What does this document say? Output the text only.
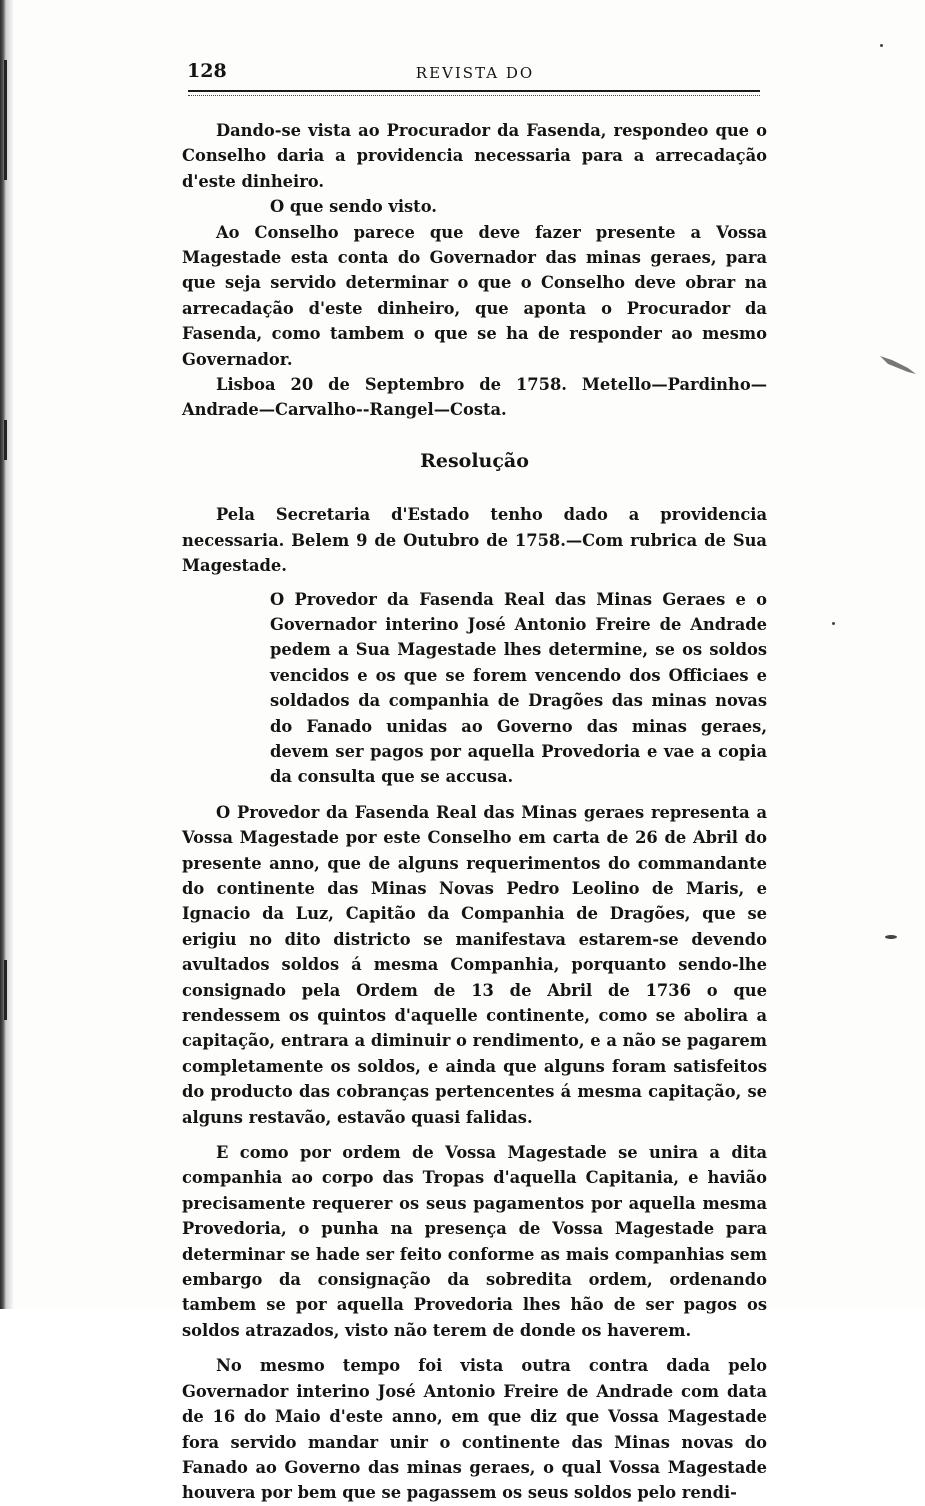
128	REVISTA DO

Dando-se vista ao Procurador da Fasenda, respondeo que o Conselho daria a providencia necessaria para a arrecadação d'este dinheiro.

O que sendo visto.

Ao Conselho parece que deve fazer presente a Vossa Magestade esta conta do Governador das minas geraes, para que seja servido determinar o que o Conselho deve obrar na arrecadação d'este dinheiro, que aponta o Procurador da Fasenda, como tambem o que se ha de responder ao mesmo Governador.

Lisboa 20 de Septembro de 1758. Metello—Pardinho—Andrade—Carvalho--Rangel—Costa.

Resolução

Pela Secretaria d'Estado tenho dado a providencia necessaria. Belem 9 de Outubro de 1758.—Com rubrica de Sua Magestade.

O Provedor da Fasenda Real das Minas Geraes e o Governador interino José Antonio Freire de Andrade pedem a Sua Magestade lhes determine, se os soldos vencidos e os que se forem vencendo dos Officiaes e soldados da companhia de Dragões das minas novas do Fanado unidas ao Governo das minas geraes, devem ser pagos por aquella Provedoria e vae a copia da consulta que se accusa.

O Provedor da Fasenda Real das Minas geraes representa a Vossa Magestade por este Conselho em carta de 26 de Abril do presente anno, que de alguns requerimentos do commandante do continente das Minas Novas Pedro Leolino de Maris, e Ignacio da Luz, Capitão da Companhia de Dragões, que se erigiu no dito districto se manifestava estarem-se devendo avultados soldos á mesma Companhia, porquanto sendo-lhe consignado pela Ordem de 13 de Abril de 1736 o que rendessem os quintos d'aquelle continente, como se abolira a capitação, entrara a diminuir o rendimento, e a não se pagarem completamente os soldos, e ainda que alguns foram satisfeitos do producto das cobranças pertencentes á mesma capitação, se alguns restavão, estavão quasi falidas.

E como por ordem de Vossa Magestade se unira a dita companhia ao corpo das Tropas d'aquella Capitania, e havião precisamente requerer os seus pagamentos por aquella mesma Provedoria, o punha na presença de Vossa Magestade para determinar se hade ser feito conforme as mais companhias sem embargo da consignação da sobredita ordem, ordenando tambem se por aquella Provedoria lhes hão de ser pagos os soldos atrazados, visto não terem de donde os haverem.

No mesmo tempo foi vista outra contra dada pelo Governador interino José Antonio Freire de Andrade com data de 16 do Maio d'este anno, em que diz que Vossa Magestade fora servido mandar unir o continente das Minas novas do Fanado ao Governo das minas geraes, o qual Vossa Magestade houvera por bem que se pagassem os seus soldos pelo rendi-
